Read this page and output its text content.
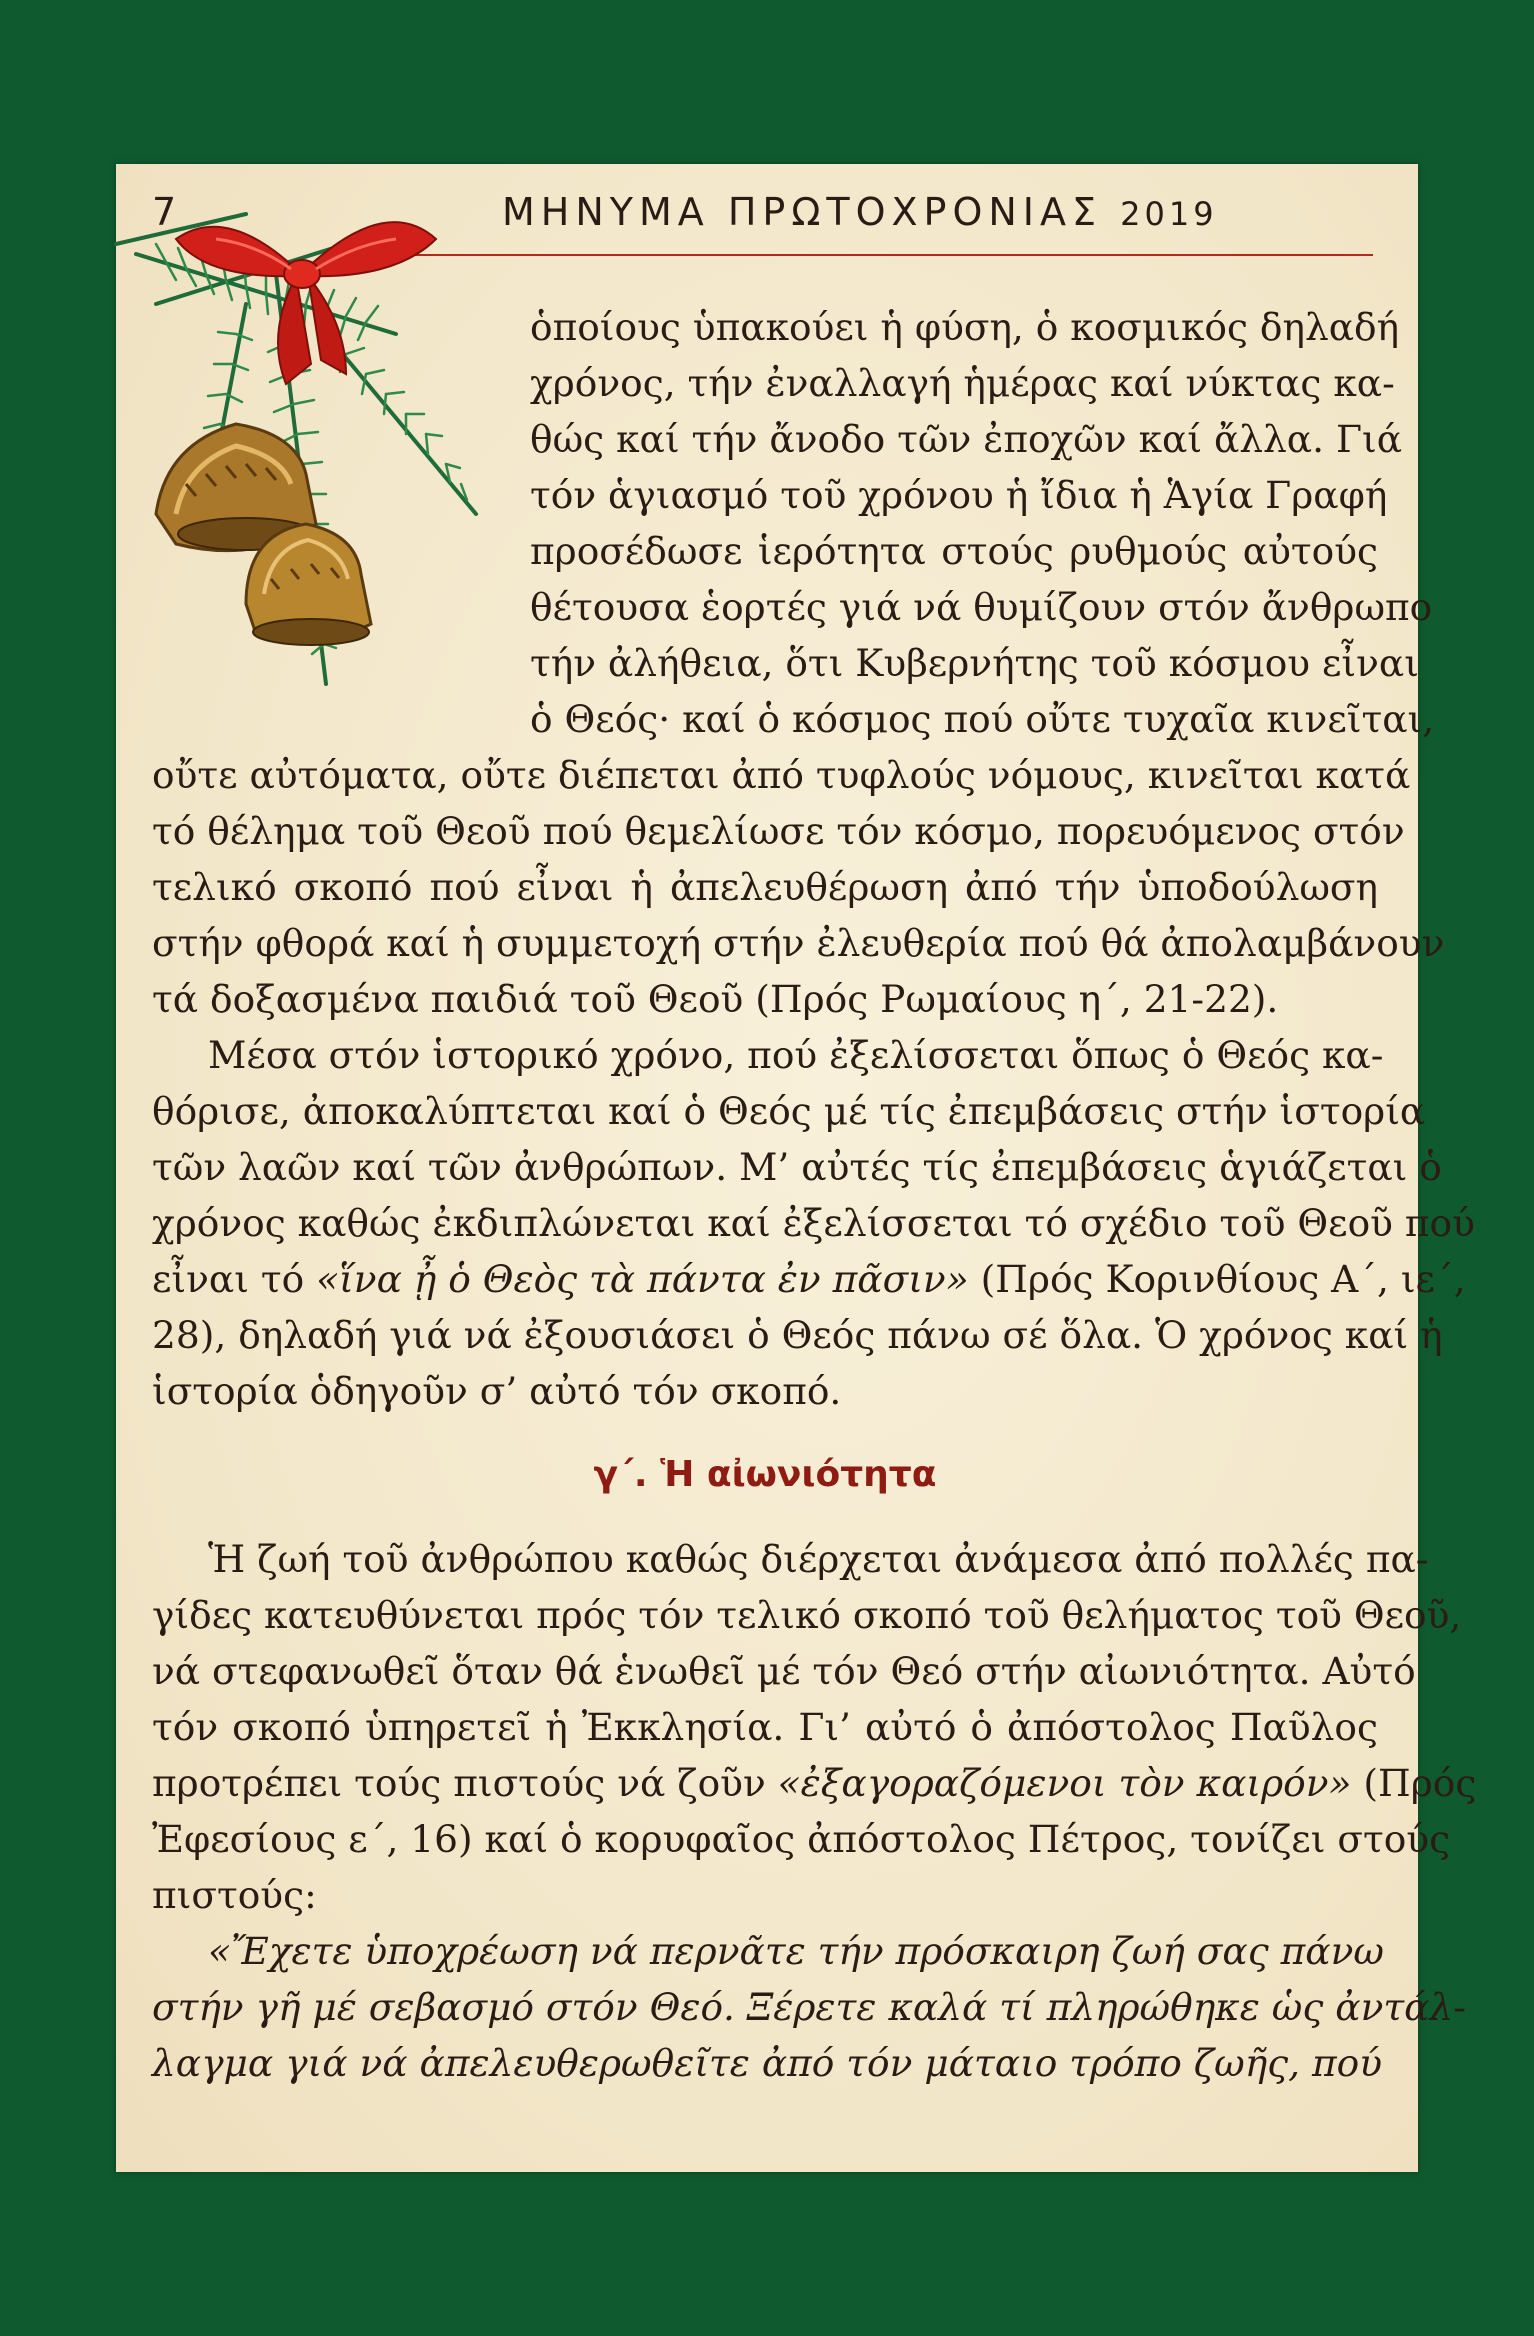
7	ΜΗΝΥΜΑ ΠΡΩΤΟΧΡΟΝΙΑΣ 2019
ὁποίους ὑπακούει ἡ φύση, ὁ κοσμικός δηλαδή
χρόνος, τήν ἐναλλαγή ἡμέρας καί νύκτας κα-
θώς καί τήν ἄνοδο τῶν ἐποχῶν καί ἄλλα. Γιά
τόν ἁγιασμό τοῦ χρόνου ἡ ἴδια ἡ Ἁγία Γραφή
προσέδωσε ἱερότητα στούς ρυθμούς αὐτούς
θέτουσα ἑορτές γιά νά θυμίζουν στόν ἄνθρωπο
τήν ἀλήθεια, ὅτι Κυβερνήτης τοῦ κόσμου εἶναι
ὁ Θεός· καί ὁ κόσμος πού οὔτε τυχαῖα κινεῖται,
οὔτε αὐτόματα, οὔτε διέπεται ἀπό τυφλούς νόμους, κινεῖται κατά
τό θέλημα τοῦ Θεοῦ πού θεμελίωσε τόν κόσμο, πορευόμενος στόν
τελικό σκοπό πού εἶναι ἡ ἀπελευθέρωση ἀπό τήν ὑποδούλωση
στήν φθορά καί ἡ συμμετοχή στήν ἐλευθερία πού θά ἀπολαμβάνουν
τά δοξασμένα παιδιά τοῦ Θεοῦ (Πρός Ρωμαίους η΄, 21-22).
Μέσα στόν ἱστορικό χρόνο, πού ἐξελίσσεται ὅπως ὁ Θεός κα-
θόρισε, ἀποκαλύπτεται καί ὁ Θεός μέ τίς ἐπεμβάσεις στήν ἱστορία
τῶν λαῶν καί τῶν ἀνθρώπων. Μ’ αὐτές τίς ἐπεμβάσεις ἁγιάζεται ὁ
χρόνος καθώς ἐκδιπλώνεται καί ἐξελίσσεται τό σχέδιο τοῦ Θεοῦ πού
εἶναι τό «ἵνα ᾖ ὁ Θεὸς τὰ πάντα ἐν πᾶσιν» (Πρός Κορινθίους Α΄, ιε΄,
28), δηλαδή γιά νά ἐξουσιάσει ὁ Θεός πάνω σέ ὅλα. Ὁ χρόνος καί ἡ
ἱστορία ὁδηγοῦν σ’ αὐτό τόν σκοπό.
γ΄. Ἡ αἰωνιότητα
Ἡ ζωή τοῦ ἀνθρώπου καθώς διέρχεται ἀνάμεσα ἀπό πολλές πα-
γίδες κατευθύνεται πρός τόν τελικό σκοπό τοῦ θελήματος τοῦ Θεοῦ,
νά στεφανωθεῖ ὅταν θά ἑνωθεῖ μέ τόν Θεό στήν αἰωνιότητα. Αὐτό
τόν σκοπό ὑπηρετεῖ ἡ Ἐκκλησία. Γι’ αὐτό ὁ ἀπόστολος Παῦλος
προτρέπει τούς πιστούς νά ζοῦν «ἐξαγοραζόμενοι τὸν καιρόν» (Πρός
Ἐφεσίους ε΄, 16) καί ὁ κορυφαῖος ἀπόστολος Πέτρος, τονίζει στούς
πιστούς:
«Ἔχετε ὑποχρέωση νά περνᾶτε τήν πρόσκαιρη ζωή σας πάνω
στήν γῆ μέ σεβασμό στόν Θεό. Ξέρετε καλά τί πληρώθηκε ὡς ἀντάλ-
λαγμα γιά νά ἀπελευθερωθεῖτε ἀπό τόν μάταιο τρόπο ζωῆς, πού
